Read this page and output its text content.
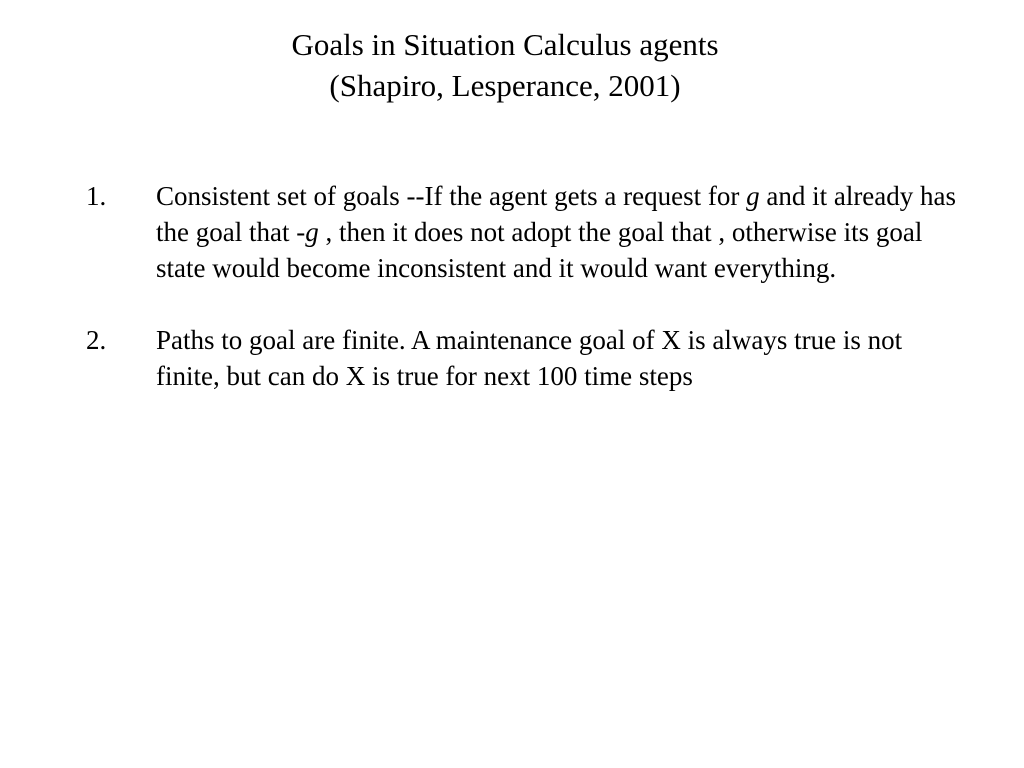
Goals in Situation Calculus agents
(Shapiro, Lesperance, 2001)
1. Consistent set of goals --If the agent gets a request for g and it already has the goal that -g , then it does not adopt the goal that , otherwise its goal state would become inconsistent and it would want everything.
2. Paths to goal are finite. A maintenance goal of X is always true is not finite, but can do X is true for next 100 time steps
